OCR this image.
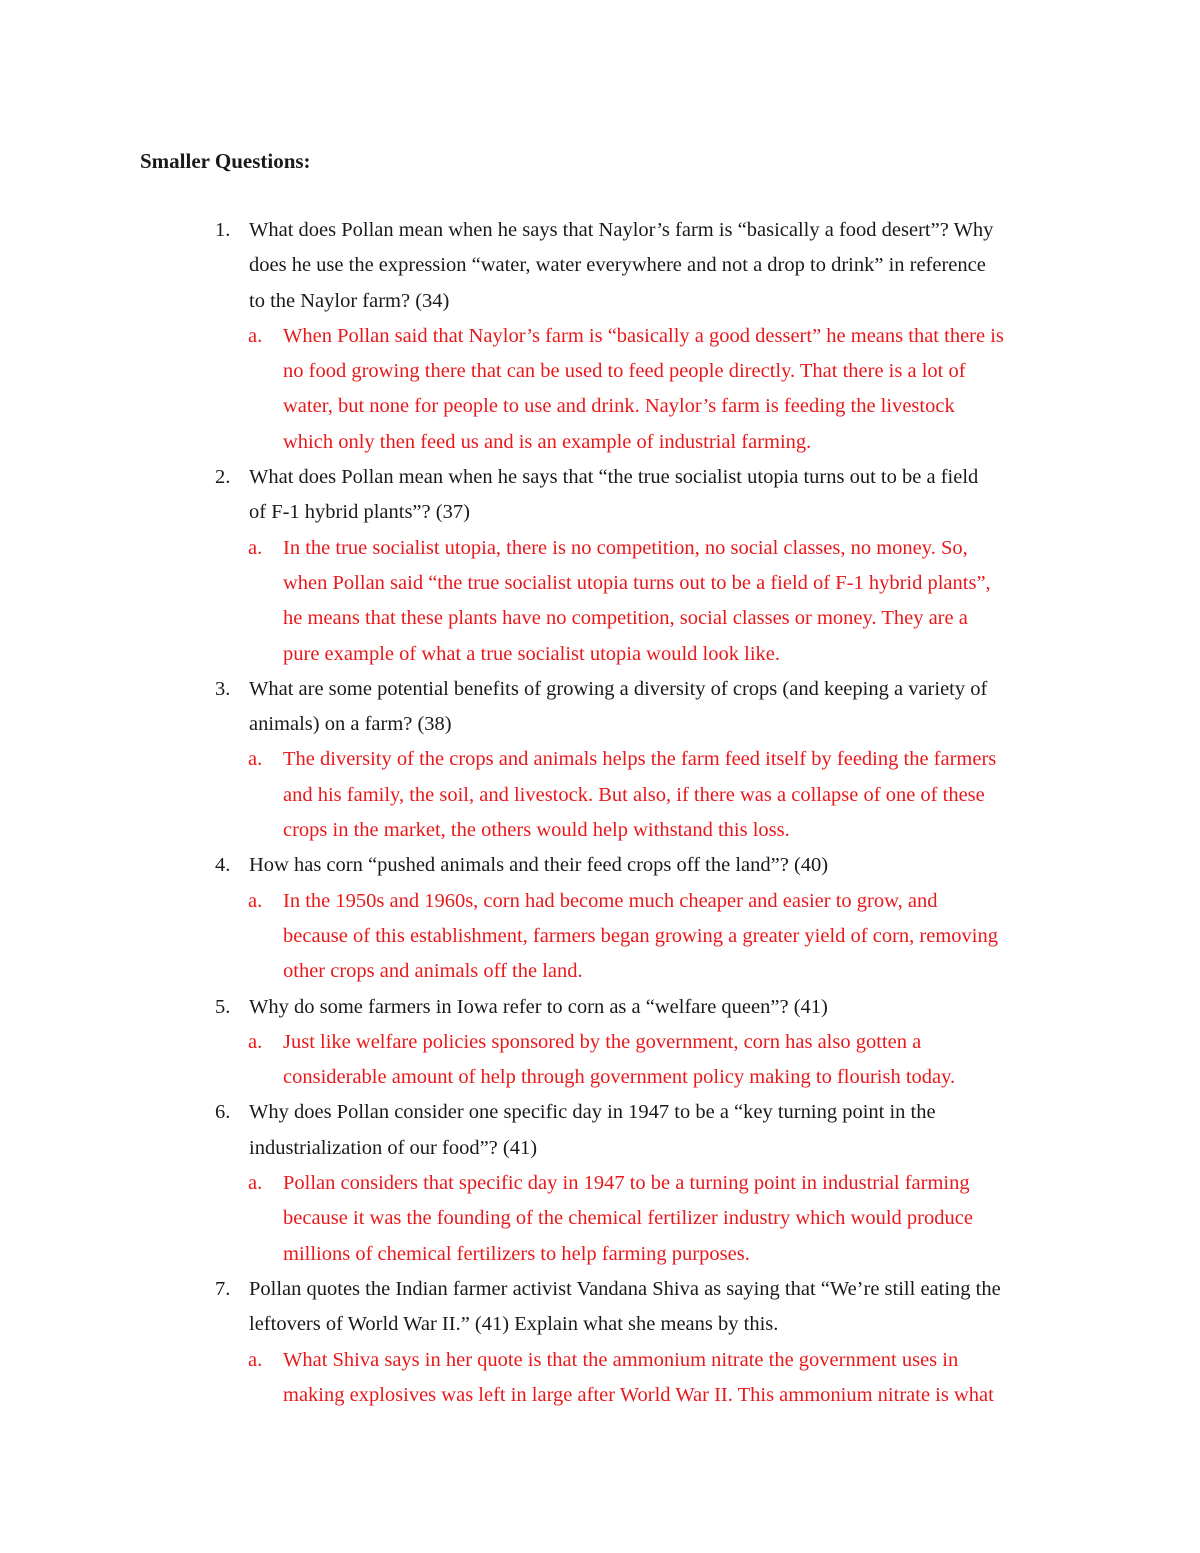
Smaller Questions:
1. What does Pollan mean when he says that Naylor’s farm is “basically a food desert”? Why
does he use the expression “water, water everywhere and not a drop to drink” in reference
to the Naylor farm? (34)
a. When Pollan said that Naylor’s farm is “basically a good dessert” he means that there is
no food growing there that can be used to feed people directly. That there is a lot of
water, but none for people to use and drink. Naylor’s farm is feeding the livestock
which only then feed us and is an example of industrial farming.
2. What does Pollan mean when he says that “the true socialist utopia turns out to be a field
of F-1 hybrid plants”? (37)
a. In the true socialist utopia, there is no competition, no social classes, no money. So,
when Pollan said “the true socialist utopia turns out to be a field of F-1 hybrid plants”,
he means that these plants have no competition, social classes or money. They are a
pure example of what a true socialist utopia would look like.
3. What are some potential benefits of growing a diversity of crops (and keeping a variety of
animals) on a farm? (38)
a. The diversity of the crops and animals helps the farm feed itself by feeding the farmers
and his family, the soil, and livestock. But also, if there was a collapse of one of these
crops in the market, the others would help withstand this loss.
4. How has corn “pushed animals and their feed crops off the land”? (40)
a. In the 1950s and 1960s, corn had become much cheaper and easier to grow, and
because of this establishment, farmers began growing a greater yield of corn, removing
other crops and animals off the land.
5. Why do some farmers in Iowa refer to corn as a “welfare queen”? (41)
a. Just like welfare policies sponsored by the government, corn has also gotten a
considerable amount of help through government policy making to flourish today.
6. Why does Pollan consider one specific day in 1947 to be a “key turning point in the
industrialization of our food”? (41)
a. Pollan considers that specific day in 1947 to be a turning point in industrial farming
because it was the founding of the chemical fertilizer industry which would produce
millions of chemical fertilizers to help farming purposes.
7. Pollan quotes the Indian farmer activist Vandana Shiva as saying that “We’re still eating the
leftovers of World War II.” (41) Explain what she means by this.
a. What Shiva says in her quote is that the ammonium nitrate the government uses in
making explosives was left in large after World War II. This ammonium nitrate is what
